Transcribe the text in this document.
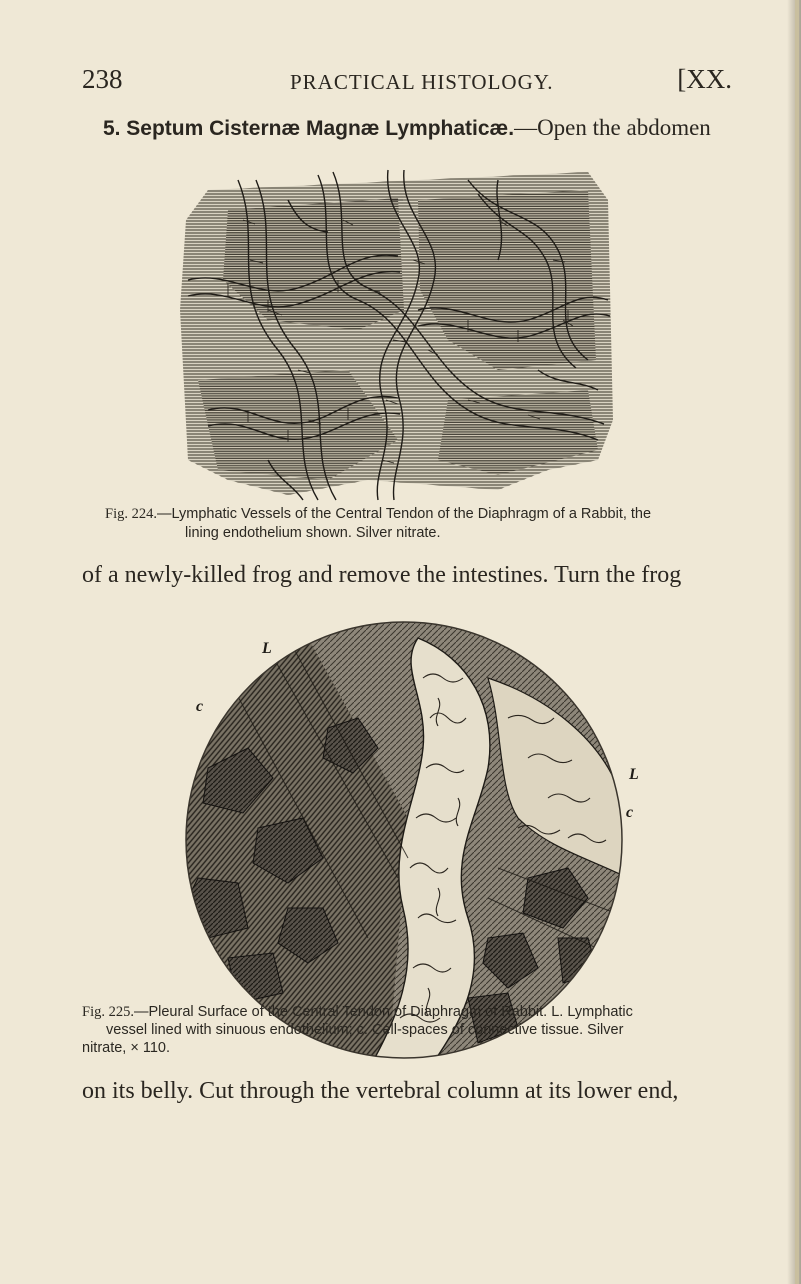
238	PRACTICAL HISTOLOGY.	[XX.
5. Septum Cisternæ Magnæ Lymphaticæ.—Open the abdomen
Fig. 224.—Lymphatic Vessels of the Central Tendon of the Diaphragm of a Rabbit, the
lining endothelium shown. Silver nitrate.
of a newly-killed frog and remove the intestines. Turn the frog
L
c
L
c
Fig. 225.—Pleural Surface of the Central Tendon of Diaphragm of Rabbit. L. Lymphatic
vessel lined with sinuous endothelium; c. Cell-spaces of connective tissue. Silver
nitrate, × 110.
on its belly. Cut through the vertebral column at its lower end,
